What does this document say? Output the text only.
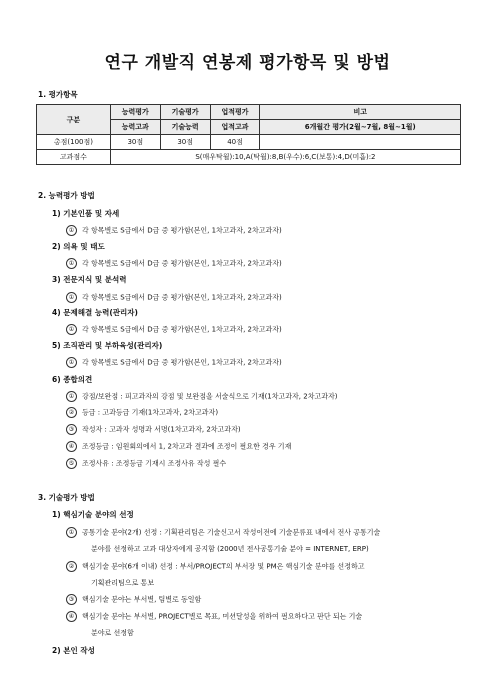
연구 개발직 연봉제 평가항목 및 방법
1. 평가항목
구분	능력평가	기술평가	업적평가	비고
	능력고과	기술능력	업적고과	6개월간 평가(2월~7월, 8월~1월)
총점(100점)	30점	30점	40점	
고과점수	S(매우탁월):10,A(탁월):8,B(우수):6,C(보통):4,D(미흡):2			
2. 능력평가 방법
1) 기본인품 및 자세
① 각 항목별로 S급에서 D급 중 평가함(본인, 1차고과자, 2차고과자)
2) 의욕 및 태도
① 각 항목별로 S급에서 D급 중 평가함(본인, 1차고과자, 2차고과자)
3) 전문지식 및 분석력
① 각 항목별로 S급에서 D급 중 평가함(본인, 1차고과자, 2차고과자)
4) 문제해결 능력(관리자)
① 각 항목별로 S급에서 D급 중 평가함(본인, 1차고과자, 2차고과자)
5) 조직관리 및 부하육성(관리자)
① 각 항목별로 S급에서 D급 중 평가함(본인, 1차고과자, 2차고과자)
6) 종합의견
① 강점/보완점 : 피고과자의 강점 및 보완점을 서술식으로 기재(1차고과자, 2차고과자)
② 등급 : 고과등급 기재(1차고과자, 2차고과자)
③ 작성자 : 고과자 성명과 서명(1차고과자, 2차고과자)
④ 조정등급 : 임원회의에서 1, 2차고과 결과에 조정이 필요한 경우 기재
⑤ 조정사유 : 조정등급 기재시 조정사유 작성 필수
3. 기술평가 방법
1) 핵심기술 분야의 선정
① 공통기술 분야(2개) 선정 : 기획관리팀은 기술신고서 작성이전에 기술분류표 내에서 전사 공통기술
분야를 선정하고 고과 대상자에게 공지함 (2000년 전사공통기술 분야 = INTERNET, ERP)
② 핵심기술 분야(6개 이내) 선정 : 부서/PROJECT의 부서장 및 PM은 핵심기술 분야를 선정하고
기획관리팀으로 통보
③ 핵심기술 분야는 부서별, 팀별로 동일함
④ 핵심기술 분야는 부서별, PROJECT별로 목표, 미션달성을 위하여 필요하다고 판단 되는 기술
분야로 선정함
2) 본인 작성
